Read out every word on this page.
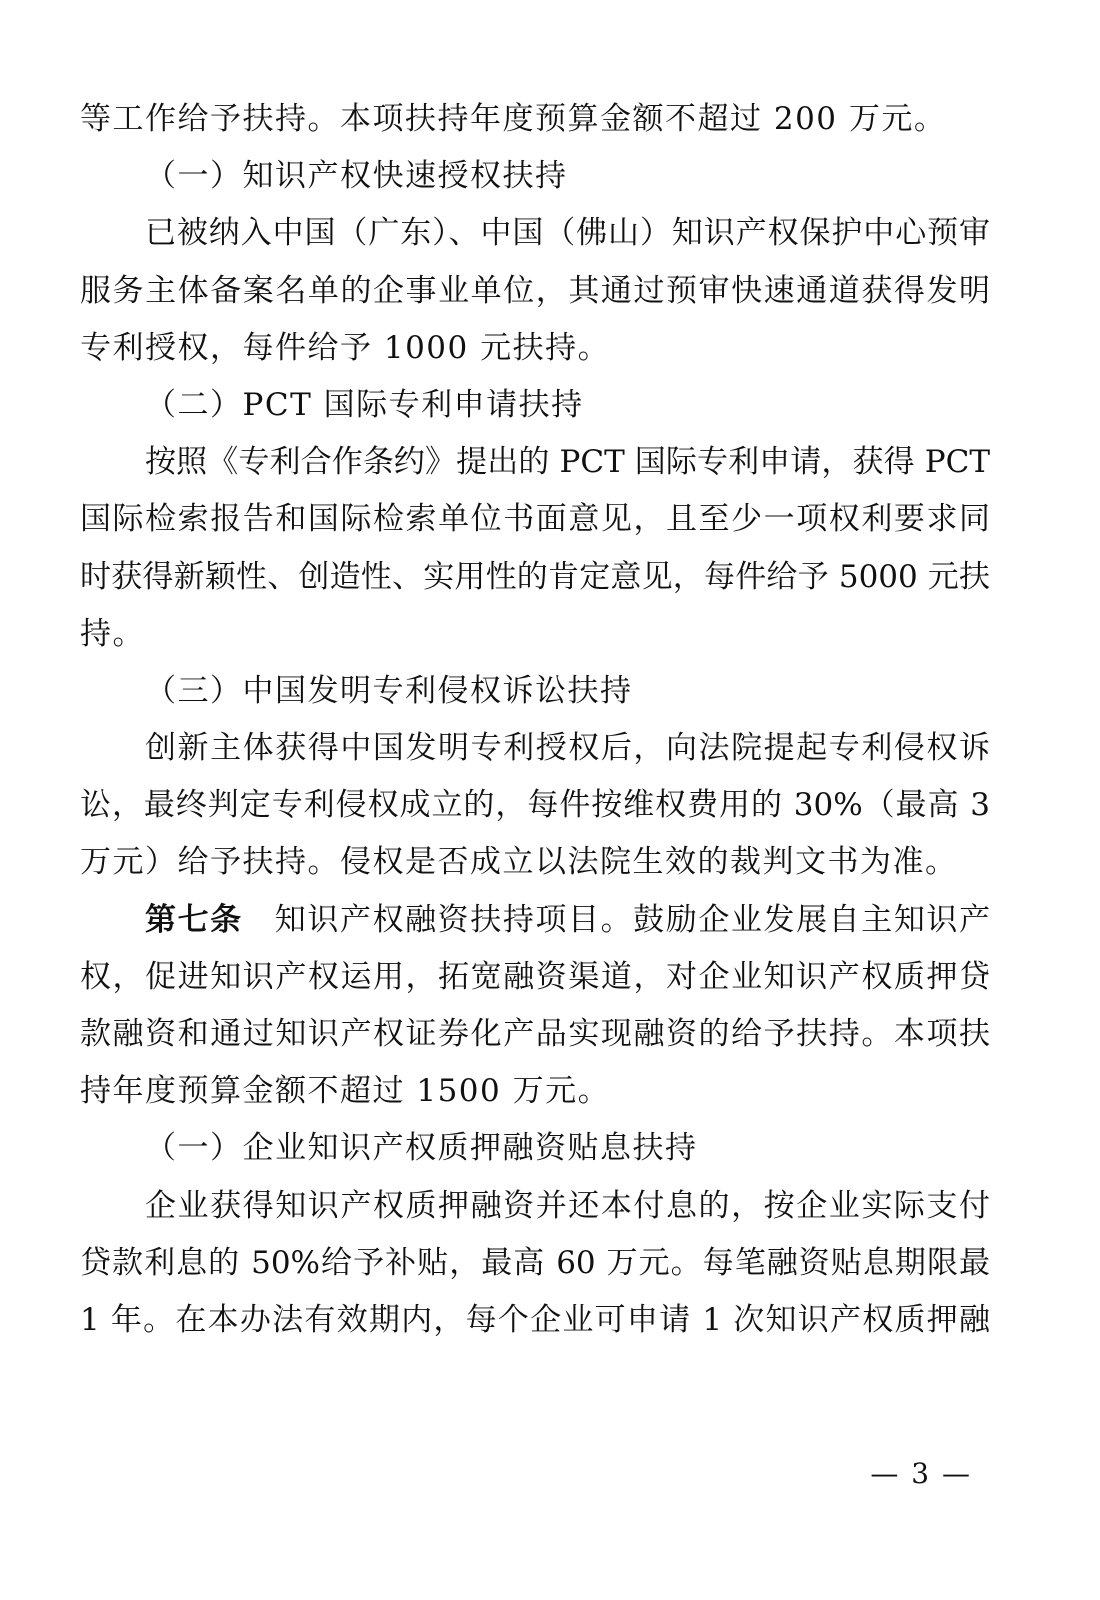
等工作给予扶持。本项扶持年度预算金额不超过 200 万元。
（一）知识产权快速授权扶持
已被纳入中国（广东）、中国（佛山）知识产权保护中心预审
服务主体备案名单的企事业单位，其通过预审快速通道获得发明
专利授权，每件给予 1000 元扶持。
（二）PCT 国际专利申请扶持
按照《专利合作条约》提出的 PCT 国际专利申请，获得 PCT
国际检索报告和国际检索单位书面意见，且至少一项权利要求同
时获得新颖性、创造性、实用性的肯定意见，每件给予 5000 元扶
持。
（三）中国发明专利侵权诉讼扶持
创新主体获得中国发明专利授权后，向法院提起专利侵权诉
讼，最终判定专利侵权成立的，每件按维权费用的 30%（最高 3
万元）给予扶持。侵权是否成立以法院生效的裁判文书为准。
第七条 知识产权融资扶持项目。鼓励企业发展自主知识产
权，促进知识产权运用，拓宽融资渠道，对企业知识产权质押贷
款融资和通过知识产权证券化产品实现融资的给予扶持。本项扶
持年度预算金额不超过 1500 万元。
（一）企业知识产权质押融资贴息扶持
企业获得知识产权质押融资并还本付息的，按企业实际支付
贷款利息的 50%给予补贴，最高 60 万元。每笔融资贴息期限最
1 年。在本办法有效期内，每个企业可申请 1 次知识产权质押融
— 3 —
